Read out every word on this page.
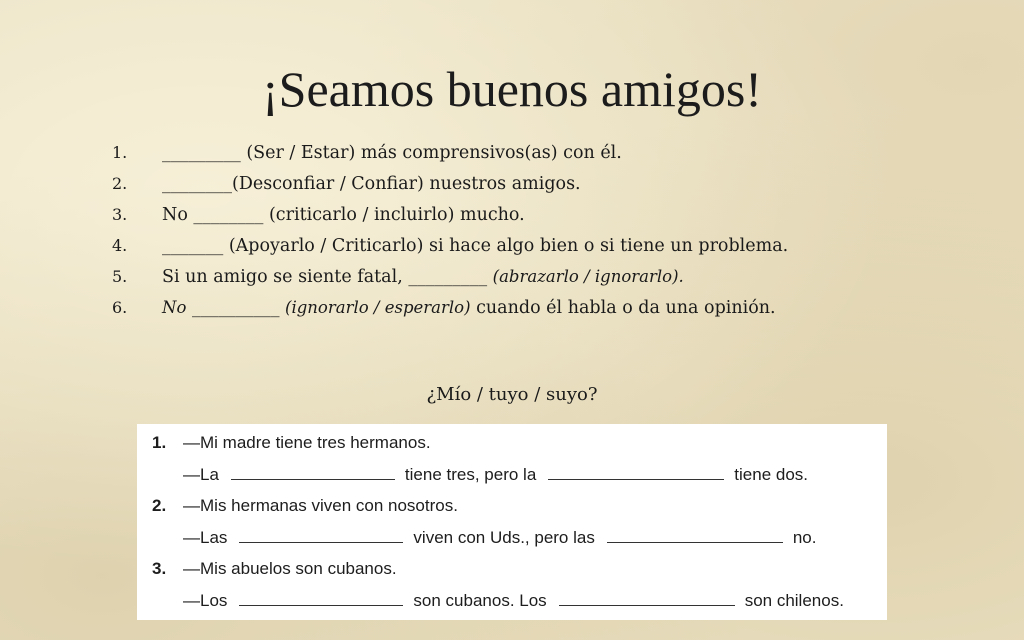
¡Seamos buenos amigos!
1.	_________ (Ser / Estar) más comprensivos(as) con él.
2.	________(Desconfiar / Confiar) nuestros amigos.
3.	No ________ (criticarlo / incluirlo) mucho.
4.	_______ (Apoyarlo / Criticarlo) si hace algo bien o si tiene un problema.
5.	Si un amigo se siente fatal, _________ (abrazarlo / ignorarlo).
6.	No __________ (ignorarlo / esperarlo) cuando él habla o da una opinión.
¿Mío / tuyo / suyo?
1. —Mi madre tiene tres hermanos.
—La	tiene tres, pero la	tiene dos.
2. —Mis hermanas viven con nosotros.
—Las	viven con Uds., pero las	no.
3. —Mis abuelos son cubanos.
—Los	son cubanos. Los	son chilenos.
